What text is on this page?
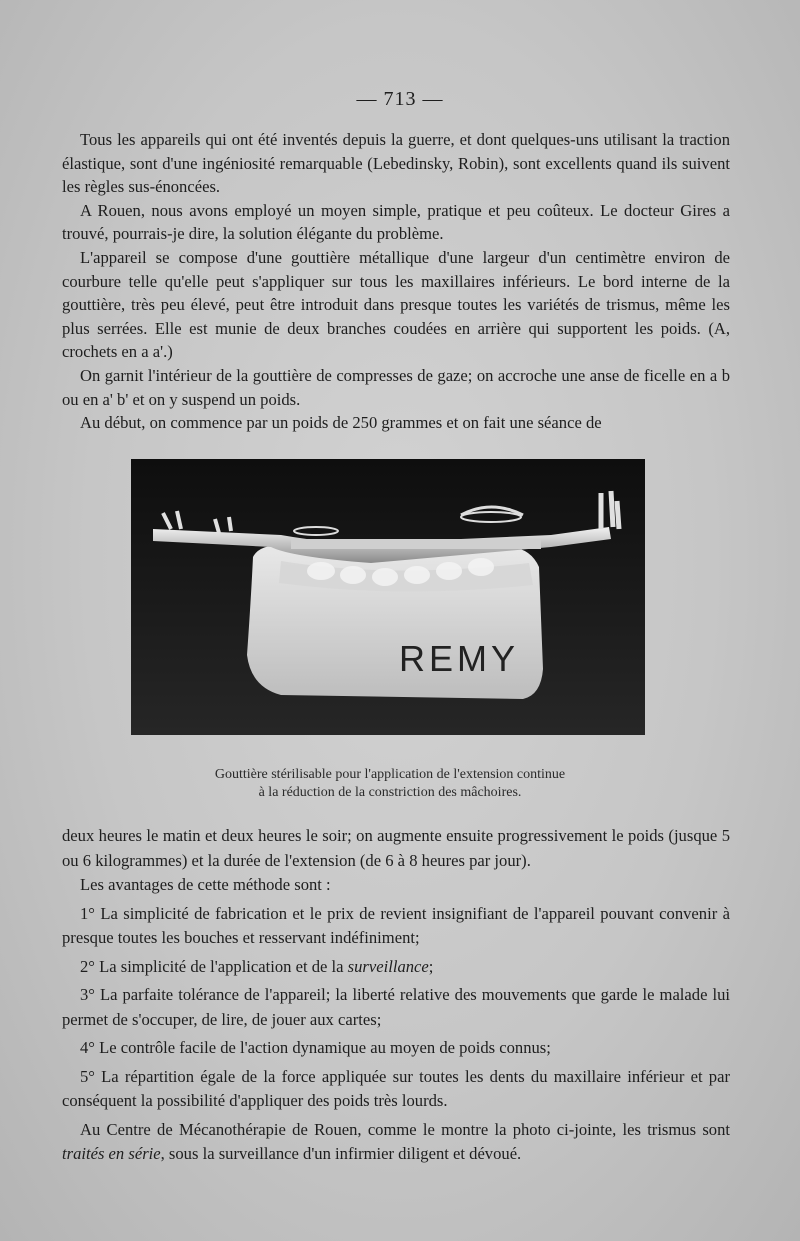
— 713 —

Tous les appareils qui ont été inventés depuis la guerre, et dont quelques-uns utilisant la traction élastique, sont d'une ingéniosité remarquable (Lebedinsky, Robin), sont excellents quand ils suivent les règles sus-énoncées.

A Rouen, nous avons employé un moyen simple, pratique et peu coûteux. Le docteur Gires a trouvé, pourrais-je dire, la solution élégante du problème.

L'appareil se compose d'une gouttière métallique d'une largeur d'un centimètre environ de courbure telle qu'elle peut s'appliquer sur tous les maxillaires inférieurs. Le bord interne de la gouttière, très peu élevé, peut être introduit dans presque toutes les variétés de trismus, même les plus serrées. Elle est munie de deux branches coudées en arrière qui supportent les poids. (A, crochets en a a'.)

On garnit l'intérieur de la gouttière de compresses de gaze; on accroche une anse de ficelle en a b ou en a' b' et on y suspend un poids.

Au début, on commence par un poids de 250 grammes et on fait une séance de

REMY
Gouttière stérilisable pour l'application de l'extension continue
à la réduction de la constriction des mâchoires.

deux heures le matin et deux heures le soir; on augmente ensuite progressivement le poids (jusque 5 ou 6 kilogrammes) et la durée de l'extension (de 6 à 8 heures par jour).

Les avantages de cette méthode sont :

1° La simplicité de fabrication et le prix de revient insignifiant de l'appareil pouvant convenir à presque toutes les bouches et resservant indéfiniment;

2° La simplicité de l'application et de la surveillance;

3° La parfaite tolérance de l'appareil; la liberté relative des mouvements que garde le malade lui permet de s'occuper, de lire, de jouer aux cartes;

4° Le contrôle facile de l'action dynamique au moyen de poids connus;

5° La répartition égale de la force appliquée sur toutes les dents du maxillaire inférieur et par conséquent la possibilité d'appliquer des poids très lourds.

Au Centre de Mécanothérapie de Rouen, comme le montre la photo ci-jointe, les trismus sont traités en série, sous la surveillance d'un infirmier diligent et dévoué.
